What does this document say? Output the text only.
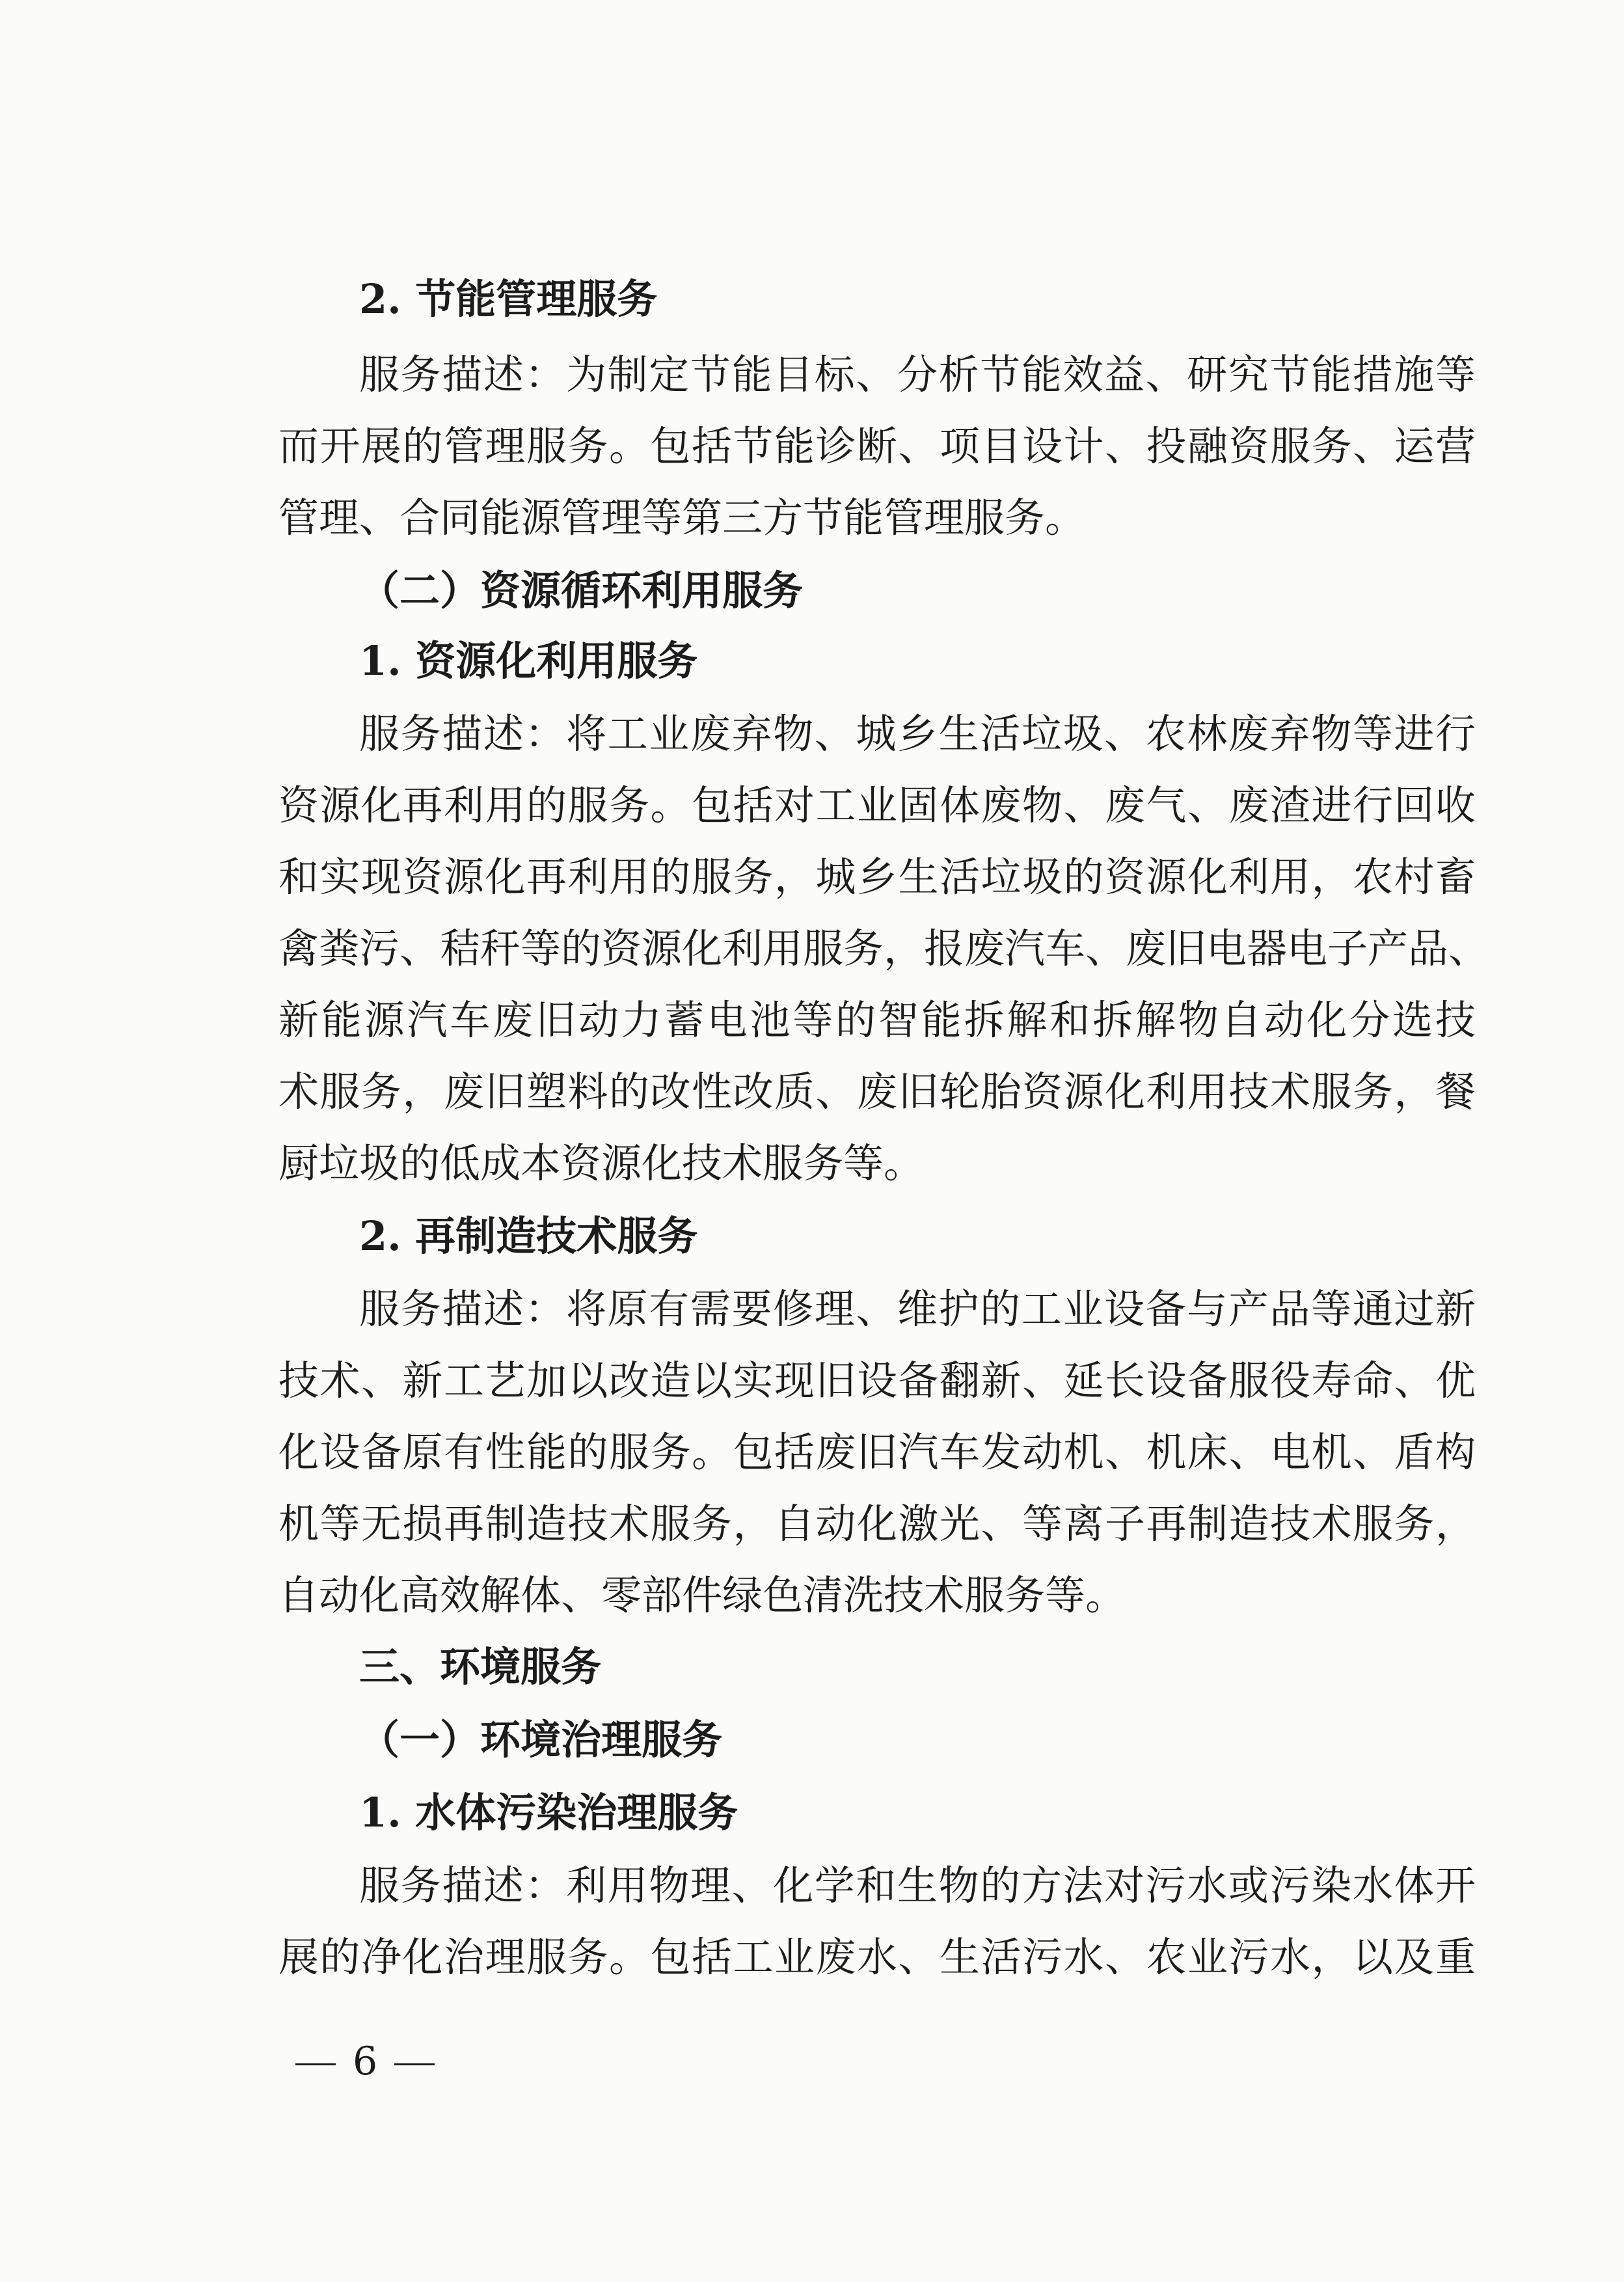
2. 节能管理服务
服务描述：为制定节能目标、分析节能效益、研究节能措施等
而开展的管理服务。包括节能诊断、项目设计、投融资服务、运营
管理、合同能源管理等第三方节能管理服务。
（二）资源循环利用服务
1. 资源化利用服务
服务描述：将工业废弃物、城乡生活垃圾、农林废弃物等进行
资源化再利用的服务。包括对工业固体废物、废气、废渣进行回收
和实现资源化再利用的服务，城乡生活垃圾的资源化利用，农村畜
禽粪污、秸秆等的资源化利用服务，报废汽车、废旧电器电子产品、
新能源汽车废旧动力蓄电池等的智能拆解和拆解物自动化分选技
术服务，废旧塑料的改性改质、废旧轮胎资源化利用技术服务，餐
厨垃圾的低成本资源化技术服务等。
2. 再制造技术服务
服务描述：将原有需要修理、维护的工业设备与产品等通过新
技术、新工艺加以改造以实现旧设备翻新、延长设备服役寿命、优
化设备原有性能的服务。包括废旧汽车发动机、机床、电机、盾构
机等无损再制造技术服务，自动化激光、等离子再制造技术服务，
自动化高效解体、零部件绿色清洗技术服务等。
三、环境服务
（一）环境治理服务
1. 水体污染治理服务
服务描述：利用物理、化学和生物的方法对污水或污染水体开
展的净化治理服务。包括工业废水、生活污水、农业污水，以及重
6
